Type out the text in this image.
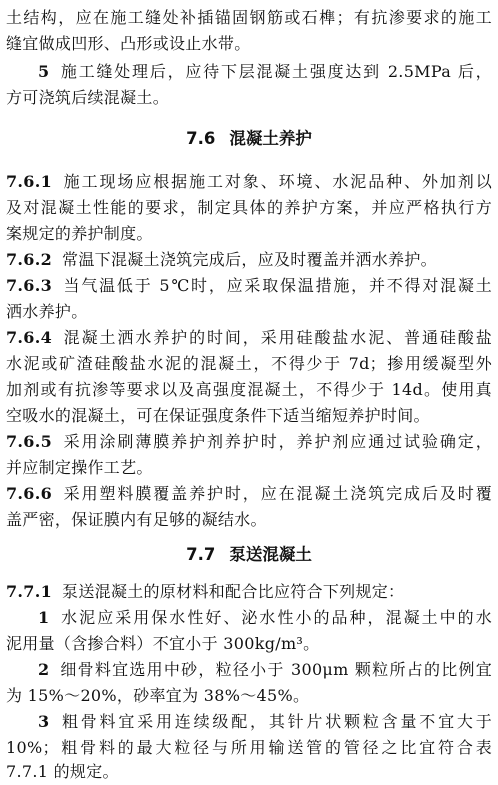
土结构，应在施工缝处补插锚固钢筋或石榫；有抗渗要求的施工
缝宜做成凹形、凸形或设止水带。
5 施工缝处理后，应待下层混凝土强度达到 2.5MPa 后，
方可浇筑后续混凝土。
7.6 混凝土养护
7.6.1 施工现场应根据施工对象、环境、水泥品种、外加剂以
及对混凝土性能的要求，制定具体的养护方案，并应严格执行方
案规定的养护制度。
7.6.2 常温下混凝土浇筑完成后，应及时覆盖并洒水养护。
7.6.3 当气温低于 5℃时，应采取保温措施，并不得对混凝土
洒水养护。
7.6.4 混凝土洒水养护的时间，采用硅酸盐水泥、普通硅酸盐
水泥或矿渣硅酸盐水泥的混凝土，不得少于 7d；掺用缓凝型外
加剂或有抗渗等要求以及高强度混凝土，不得少于 14d。使用真
空吸水的混凝土，可在保证强度条件下适当缩短养护时间。
7.6.5 采用涂刷薄膜养护剂养护时，养护剂应通过试验确定，
并应制定操作工艺。
7.6.6 采用塑料膜覆盖养护时，应在混凝土浇筑完成后及时覆
盖严密，保证膜内有足够的凝结水。
7.7 泵送混凝土
7.7.1 泵送混凝土的原材料和配合比应符合下列规定：
1 水泥应采用保水性好、泌水性小的品种，混凝土中的水
泥用量（含掺合料）不宜小于 300kg/m³。
2 细骨料宜选用中砂，粒径小于 300μm 颗粒所占的比例宜
为 15%～20%，砂率宜为 38%～45%。
3 粗骨料宜采用连续级配，其针片状颗粒含量不宜大于
10%；粗骨料的最大粒径与所用输送管的管径之比宜符合表
7.7.1 的规定。
